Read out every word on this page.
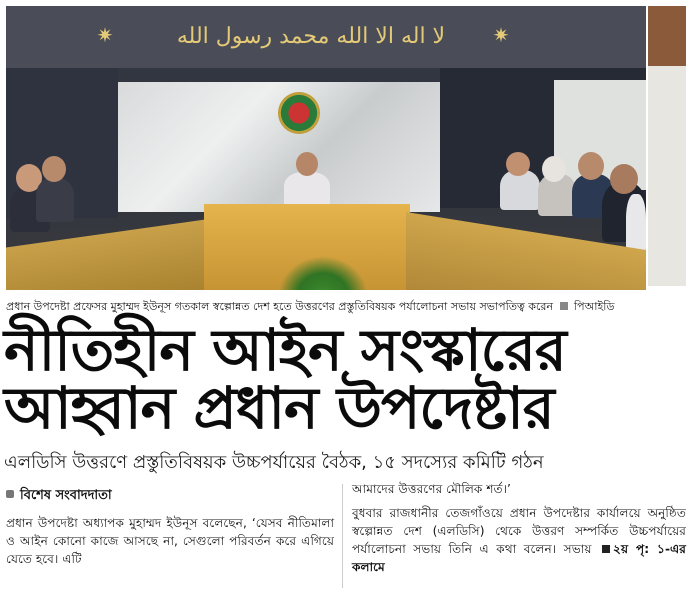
✷	لا اله الا الله محمد رسول الله	✷
প্রধান উপদেষ্টা প্রফেসর মুহাম্মদ ইউনূস গতকাল স্বল্পোন্নত দেশ হতে উত্তরণের প্রস্তুতিবিষয়ক পর্যালোচনা সভায় সভাপতিত্ব করেন পিআইডি
নীতিহীন আইন সংস্কারের
আহ্বান প্রধান উপদেষ্টার
এলডিসি উত্তরণে প্রস্তুতিবিষয়ক উচ্চপর্যায়ের বৈঠক, ১৫ সদস্যের কমিটি গঠন
বিশেষ সংবাদদাতা
প্রধান উপদেষ্টা অধ্যাপক মুহাম্মদ ইউনূস বলেছেন, ‘যেসব নীতিমালা ও আইন কোনো কাজে আসছে না, সেগুলো পরিবর্তন করে এগিয়ে যেতে হবে। এটি
আমাদের উত্তরণের মৌলিক শর্ত।’
বুধবার রাজধানীর তেজগাঁওয়ে প্রধান উপদেষ্টার কার্যালয়ে অনুষ্ঠিত স্বল্পোন্নত দেশ (এলডিসি) থেকে উত্তরণ সম্পর্কিত উচ্চপর্যায়ের পর্যালোচনা সভায় তিনি এ কথা বলেন। সভায় ২য় পৃ: ১-এর কলামে
